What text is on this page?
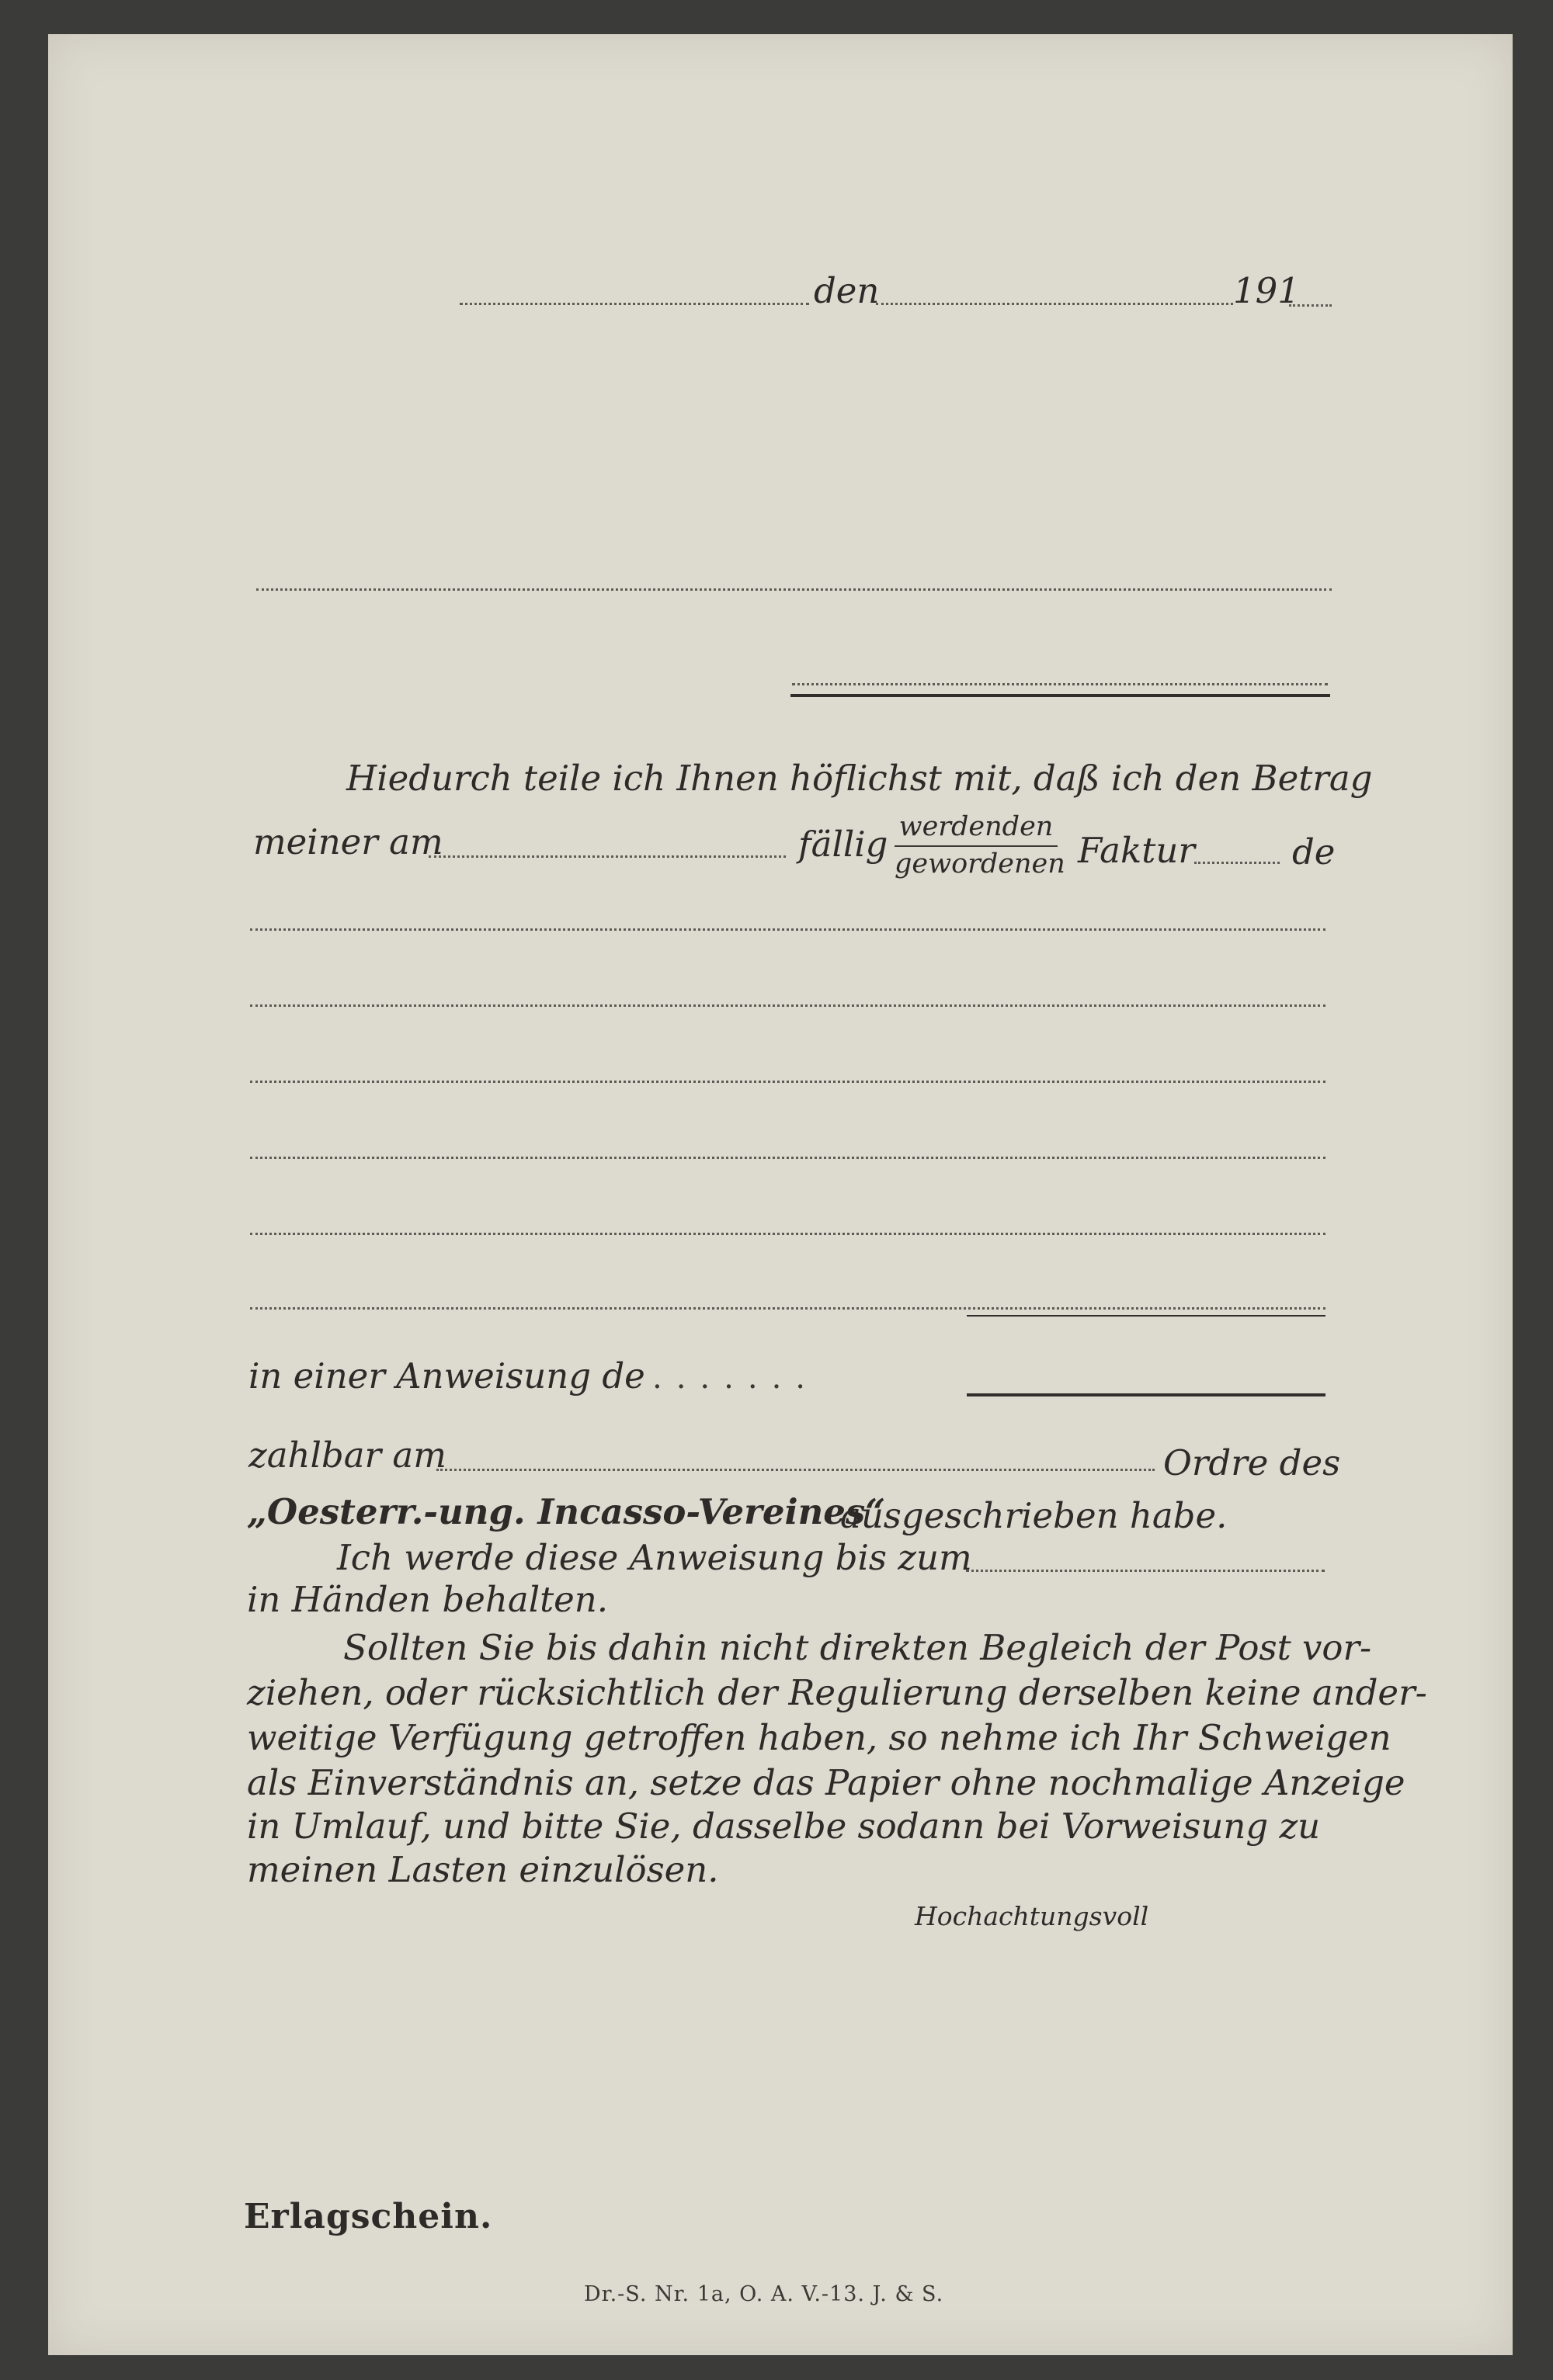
den	191
Hiedurch teile ich Ihnen höflichst mit, daß ich den Betrag
meiner am	fällig werdenden
gewordenen Faktur	de
in einer Anweisung de .......
zahlbar am	Ordre des
„Oesterr.-ung. Incasso-Vereines“
ausgeschrieben habe.
Ich werde diese Anweisung bis zum
in Händen behalten.
Sollten Sie bis dahin nicht direkten Begleich der Post vor-
ziehen, oder rücksichtlich der Regulierung derselben keine ander-
weitige Verfügung getroffen haben, so nehme ich Ihr Schweigen
als Einverständnis an, setze das Papier ohne nochmalige Anzeige
in Umlauf, und bitte Sie, dasselbe sodann bei Vorweisung zu
meinen Lasten einzulösen.
Hochachtungsvoll
Erlagschein.
Dr.-S. Nr. 1a, O. A. V.-13. J. & S.
